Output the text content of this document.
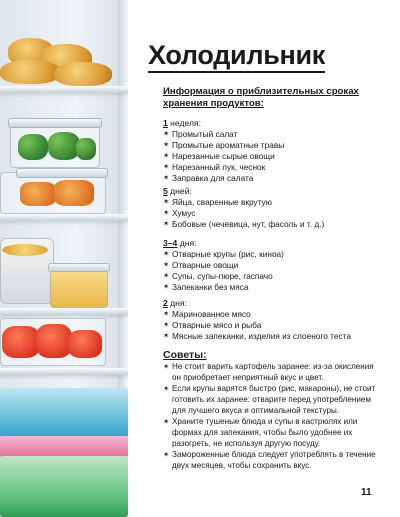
Холодильник

Информация о приблизительных сроках хранения продуктов:

1 неделя:

✶ Промытый салат
✶ Промытые ароматные травы
✶ Нарезанные сырые овощи
✶ Нарезанный лук, чеснок
✶ Заправка для салата

5 дней:

✶ Яйца, сваренные вкрутую
✶ Хумус
✶ Бобовые (чечевица, нут, фасоль и т. д.)

3–4 дня:

✶ Отварные крупы (рис, киноа)
✶ Отварные овощи
✶ Супы, супы-пюре, гаспачо
✶ Запеканки без мяса

2 дня:

✶ Маринованное мясо
✶ Отварные мясо и рыба
✶ Мясные запеканки, изделия из слоеного теста

Советы:

✶ Не стоит варить картофель заранее: из-за окисления он приобретает неприятный вкус и цвет.
✶ Если крупы варятся быстро (рис, макароны), не стоит готовить их заранее: отварите перед употреблением для лучшего вкуса и оптимальной текстуры.
✶ Храните тушеные блюда и супы в кастрюлях или формах для запекания, чтобы было удобнее их разогреть, не используя другую посуду.
✶ Замороженные блюда следует употреблять в течение двух месяцев, чтобы сохранить вкус.
11
